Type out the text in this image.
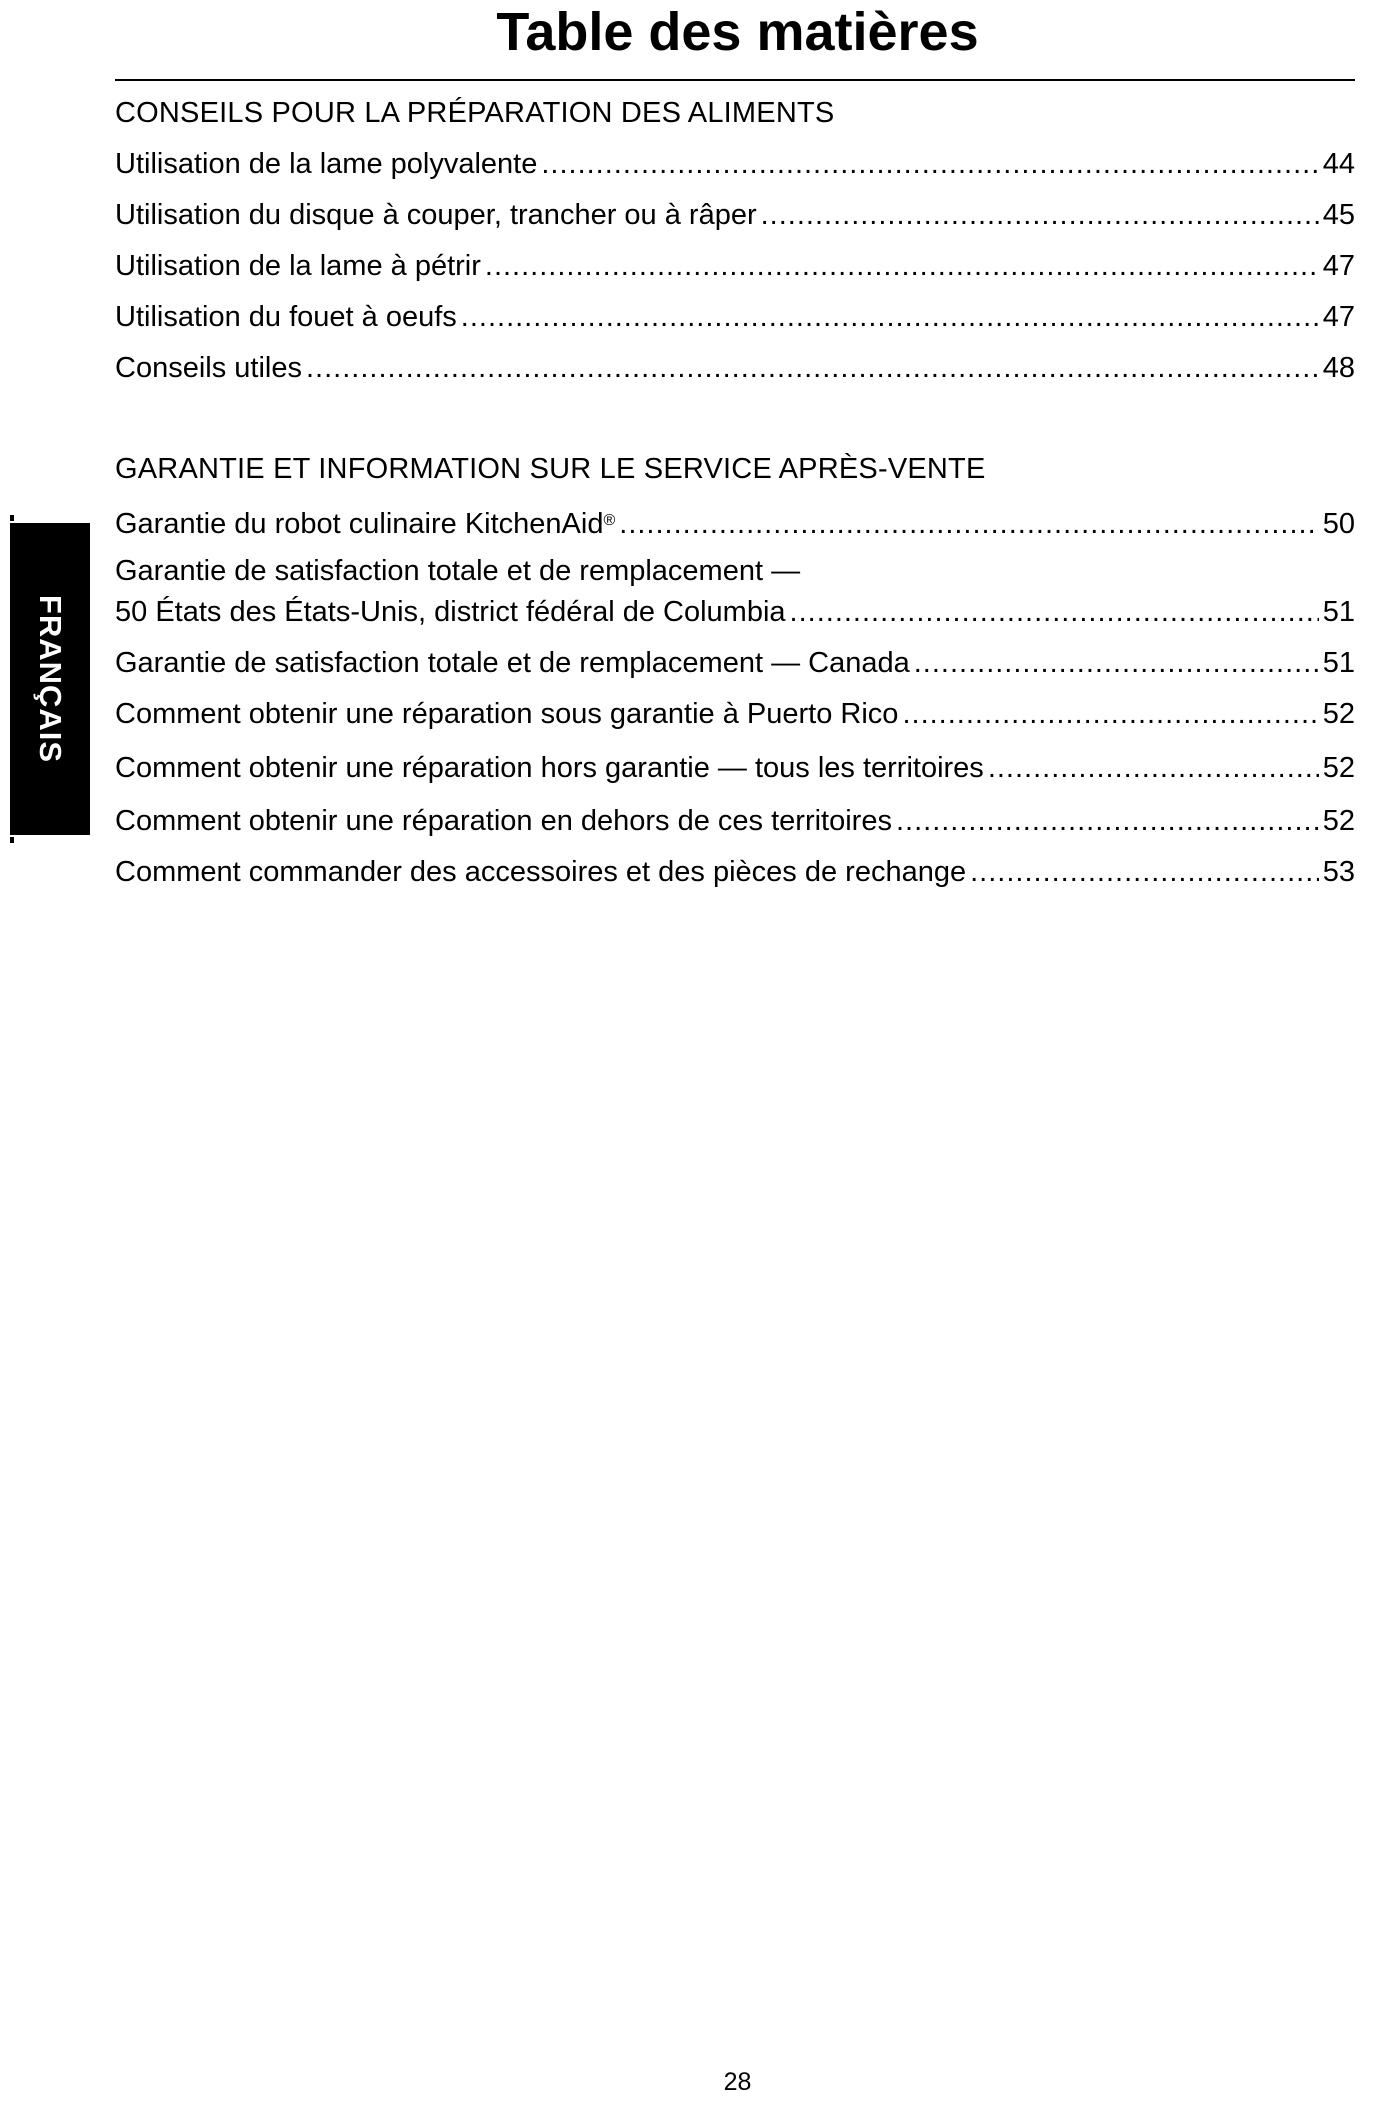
Table des matières
FRANÇAIS
CONSEILS POUR LA PRÉPARATION DES ALIMENTS
Utilisation de la lame polyvalente .....	44
Utilisation du disque à couper, trancher ou à râper .....	45
Utilisation de la lame à pétrir .....	47
Utilisation du fouet à oeufs .....	47
Conseils utiles .....	48
GARANTIE ET INFORMATION SUR LE SERVICE APRÈS-VENTE
Garantie du robot culinaire KitchenAid® .....	50
Garantie de satisfaction totale et de remplacement —
50 États des États-Unis, district fédéral de Columbia .....	51
Garantie de satisfaction totale et de remplacement — Canada .....	51
Comment obtenir une réparation sous garantie à Puerto Rico .....	52
Comment obtenir une réparation hors garantie — tous les territoires .....	52
Comment obtenir une réparation en dehors de ces territoires .....	52
Comment commander des accessoires et des pièces de rechange .....	53
28
